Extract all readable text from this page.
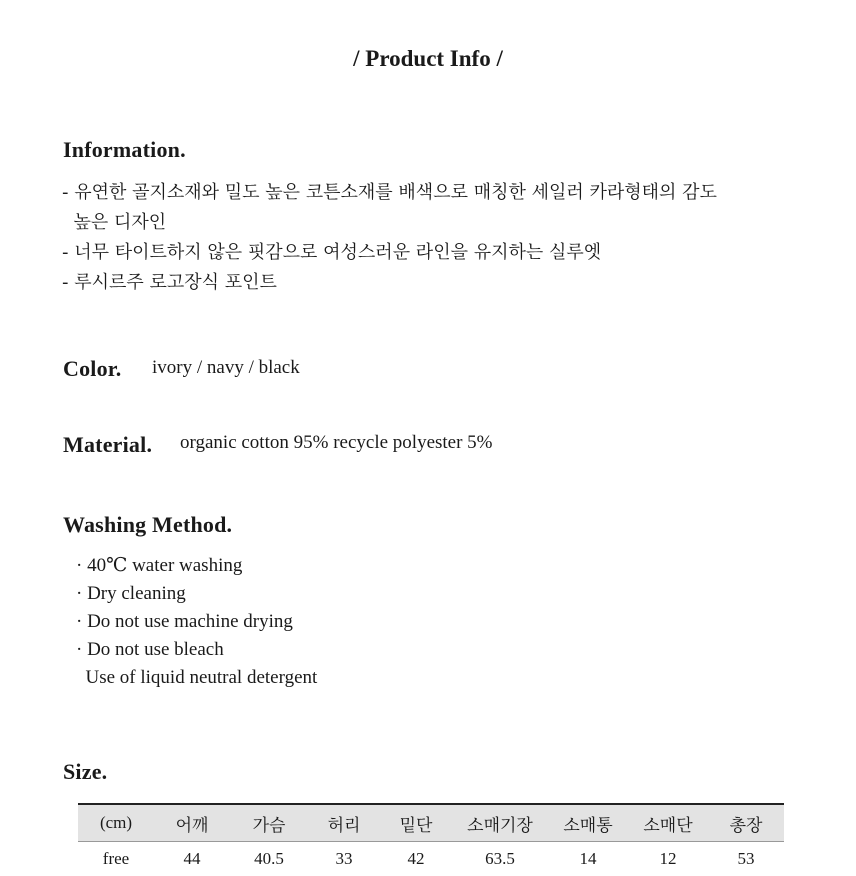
/ Product Info /
Information.
- 유연한 골지소재와 밀도 높은 코튼소재를 배색으로 매칭한 세일러 카라형태의 감도
높은 디자인
- 너무 타이트하지 않은 핏감으로 여성스러운 라인을 유지하는 실루엣
- 루시르주 로고장식 포인트
Color. ivory / navy / black
Material. organic cotton 95% recycle polyester 5%
Washing Method.
· 40℃ water washing
· Dry cleaning
· Do not use machine drying
· Do not use bleach
Use of liquid neutral detergent
Size.
(cm)	어깨	가슴	허리	밑단	소매기장	소매통	소매단	총장
free	44	40.5	33	42	63.5	14	12	53
